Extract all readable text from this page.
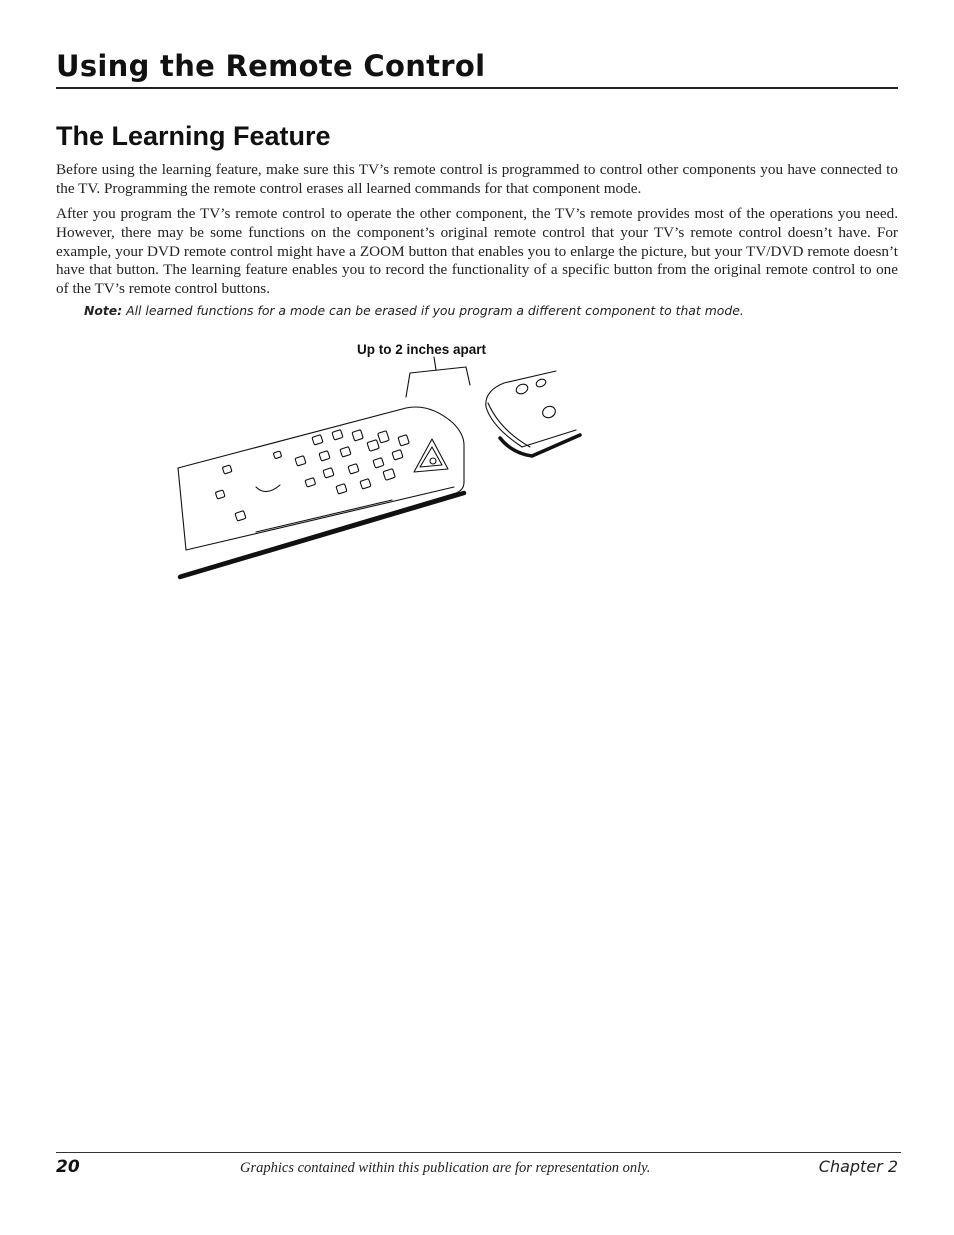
Using the Remote Control
The Learning Feature

Before using the learning feature, make sure this TV’s remote control is programmed to control other components you have connected to the TV. Programming the remote control erases all learned commands for that component mode.

After you program the TV’s remote control to operate the other component, the TV’s remote provides most of the operations you need. However, there may be some functions on the component’s original remote control that your TV’s remote control doesn’t have. For example, your DVD remote control might have a ZOOM button that enables you to enlarge the picture, but your TV/DVD remote doesn’t have that button. The learning feature enables you to record the functionality of a specific button from the original remote control to one of the TV’s remote control buttons.

Note: All learned functions for a mode can be erased if you program a different component to that mode.

Up to 2 inches apart
20	Graphics contained within this publication are for representation only.	Chapter 2
